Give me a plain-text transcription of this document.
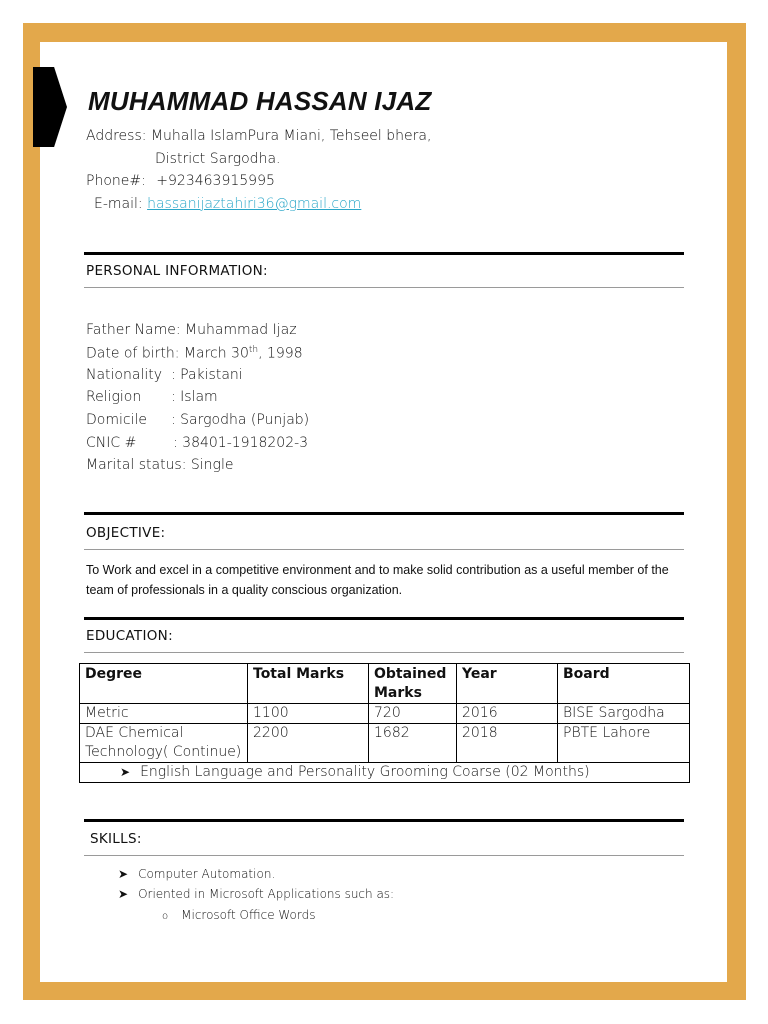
MUHAMMAD HASSAN IJAZ
Address: Muhalla IslamPura Miani, Tehseel bhera,
District Sargodha.
Phone#: +923463915995
E-mail: hassanijaztahiri36@gmail.com
PERSONAL INFORMATION:
Father Name: Muhammad Ijaz
Date of birth: March 30th, 1998
Nationality : Pakistani
Religion : Islam
Domicile : Sargodha (Punjab)
CNIC #	: 38401-1918202-3
Marital status: Single
OBJECTIVE:
To Work and excel in a competitive environment and to make solid contribution as a useful member of the team of professionals in a quality conscious organization.
EDUCATION:
Degree	Total Marks	Obtained Marks	Year	Board
Metric	1100	720	2016	BISE Sargodha
DAE Chemical Technology( Continue)	2200	1682	2018	PBTE Lahore
➤ English Language and Personality Grooming Coarse (02 Months)				
SKILLS:
➤ Computer Automation.
➤ Oriented in Microsoft Applications such as:
o Microsoft Office Words
